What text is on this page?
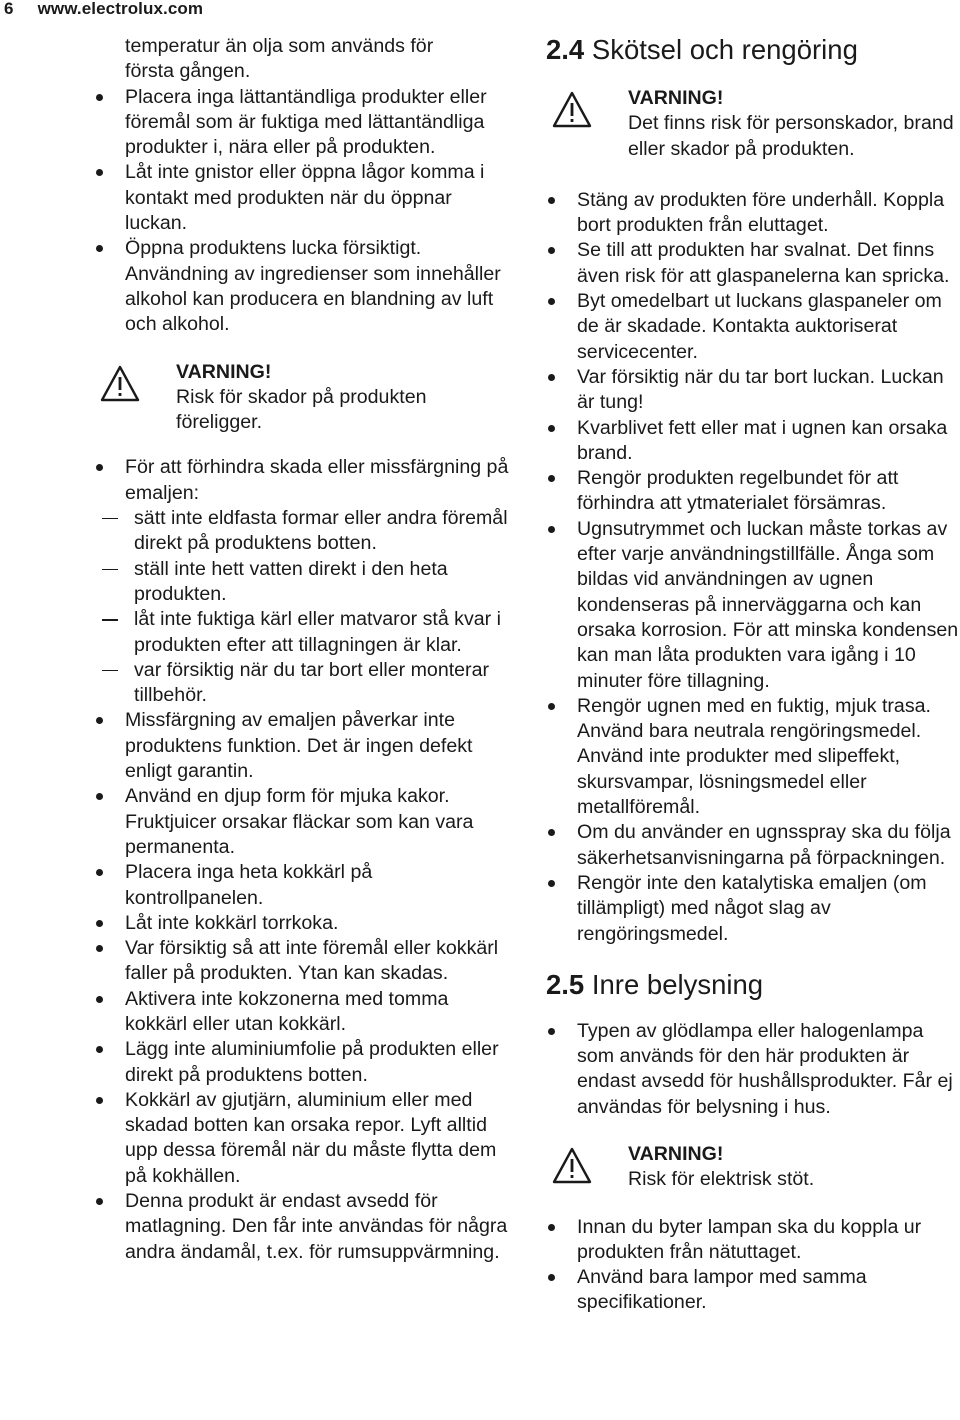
6 www.electrolux.com
temperatur än olja som används för
första gången.
Placera inga lättantändliga produkter eller föremål som är fuktiga med lättantändliga produkter i, nära eller på produkten.
Låt inte gnistor eller öppna lågor komma i kontakt med produkten när du öppnar luckan.
Öppna produktens lucka försiktigt. Användning av ingredienser som innehåller alkohol kan producera en blandning av luft och alkohol.
VARNING!
Risk för skador på produkten föreligger.
För att förhindra skada eller missfärgning på emaljen:
sätt inte eldfasta formar eller andra föremål direkt på produktens botten.
ställ inte hett vatten direkt i den heta produkten.
låt inte fuktiga kärl eller matvaror stå kvar i produkten efter att tillagningen är klar.
var försiktig när du tar bort eller monterar tillbehör.
Missfärgning av emaljen påverkar inte produktens funktion. Det är ingen defekt enligt garantin.
Använd en djup form för mjuka kakor. Fruktjuicer orsakar fläckar som kan vara permanenta.
Placera inga heta kokkärl på kontrollpanelen.
Låt inte kokkärl torrkoka.
Var försiktig så att inte föremål eller kokkärl faller på produkten. Ytan kan skadas.
Aktivera inte kokzonerna med tomma kokkärl eller utan kokkärl.
Lägg inte aluminiumfolie på produkten eller direkt på produktens botten.
Kokkärl av gjutjärn, aluminium eller med skadad botten kan orsaka repor. Lyft alltid upp dessa föremål när du måste flytta dem på kokhällen.
Denna produkt är endast avsedd för matlagning. Den får inte användas för några andra ändamål, t.ex. för rumsuppvärmning.
2.4 Skötsel och rengöring
VARNING!
Det finns risk för personskador, brand eller skador på produkten.
Stäng av produkten före underhåll. Koppla bort produkten från eluttaget.
Se till att produkten har svalnat. Det finns även risk för att glaspanelerna kan spricka.
Byt omedelbart ut luckans glaspaneler om de är skadade. Kontakta auktoriserat servicecenter.
Var försiktig när du tar bort luckan. Luckan är tung!
Kvarblivet fett eller mat i ugnen kan orsaka brand.
Rengör produkten regelbundet för att förhindra att ytmaterialet försämras.
Ugnsutrymmet och luckan måste torkas av efter varje användningstillfälle. Ånga som bildas vid användningen av ugnen kondenseras på innerväggarna och kan orsaka korrosion. För att minska kondensen kan man låta produkten vara igång i 10 minuter före tillagning.
Rengör ugnen med en fuktig, mjuk trasa. Använd bara neutrala rengöringsmedel. Använd inte produkter med slipeffekt, skursvampar, lösningsmedel eller metallföremål.
Om du använder en ugnsspray ska du följa säkerhetsanvisningarna på förpackningen.
Rengör inte den katalytiska emaljen (om tillämpligt) med något slag av rengöringsmedel.
2.5 Inre belysning
Typen av glödlampa eller halogenlampa som används för den här produkten är endast avsedd för hushållsprodukter. Får ej användas för belysning i hus.
VARNING!
Risk för elektrisk stöt.
Innan du byter lampan ska du koppla ur produkten från nätuttaget.
Använd bara lampor med samma specifikationer.
